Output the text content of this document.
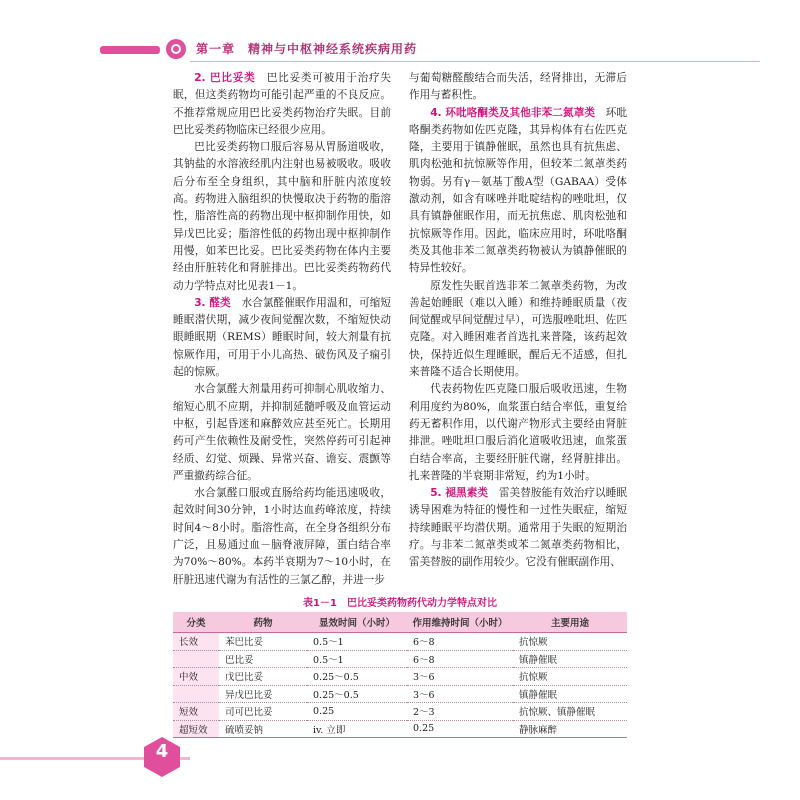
第一章　精神与中枢神经系统疾病用药

2. 巴比妥类　 巴比妥类可被用于治疗失眠，但这类药物均可能引起严重的不良反应。不推荐常规应用巴比妥类药物治疗失眠。目前巴比妥类药物临床已经很少应用。

巴比妥类药物口服后容易从胃肠道吸收，其钠盐的水溶液经肌内注射也易被吸收。吸收后分布至全身组织，其中脑和肝脏内浓度较高。药物进入脑组织的快慢取决于药物的脂溶性，脂溶性高的药物出现中枢抑制作用快，如异戊巴比妥；脂溶性低的药物出现中枢抑制作用慢，如苯巴比妥。巴比妥类药物在体内主要经由肝脏转化和肾脏排出。巴比妥类药物药代动力学特点对比见表1－1。

3. 醛类　 水合氯醛催眠作用温和，可缩短睡眠潜伏期，减少夜间觉醒次数，不缩短快动眼睡眠期（REMS）睡眠时间，较大剂量有抗惊厥作用，可用于小儿高热、破伤风及子痫引起的惊厥。

水合氯醛大剂量用药可抑制心肌收缩力、缩短心肌不应期，并抑制延髓呼吸及血管运动中枢，引起昏迷和麻醉效应甚至死亡。长期用药可产生依赖性及耐受性，突然停药可引起神经质、幻觉、烦躁、异常兴奋、谵妄、震颤等严重撤药综合征。

水合氯醛口服或直肠给药均能迅速吸收，起效时间30分钟，1小时达血药峰浓度，持续时间4～8小时。脂溶性高，在全身各组织分布广泛，且易通过血－脑脊液屏障，蛋白结合率为70%～80%。本药半衰期为7～10小时，在肝脏迅速代谢为有活性的三氯乙醇，并进一步

与葡萄糖醛酸结合而失活，经肾排出，无滞后作用与蓄积性。

4. 环吡咯酮类及其他非苯二氮䓬类　 环吡咯酮类药物如佐匹克隆，其异构体有右佐匹克隆，主要用于镇静催眠，虽然也具有抗焦虑、肌肉松弛和抗惊厥等作用，但较苯二氮䓬类药物弱。另有γ－氨基丁酸A型（GABAA）受体激动剂，如含有咪唑并吡啶结构的唑吡坦，仅具有镇静催眠作用，而无抗焦虑、肌肉松弛和抗惊厥等作用。因此，临床应用时，环吡咯酮类及其他非苯二氮䓬类药物被认为镇静催眠的特异性较好。

原发性失眠首选非苯二氮䓬类药物，为改善起始睡眠（难以入睡）和维持睡眠质量（夜间觉醒或早间觉醒过早），可选服唑吡坦、佐匹克隆。对入睡困难者首选扎来普隆，该药起效快，保持近似生理睡眠，醒后无不适感，但扎来普隆不适合长期使用。

代表药物佐匹克隆口服后吸收迅速，生物利用度约为80%，血浆蛋白结合率低，重复给药无蓄积作用，以代谢产物形式主要经由肾脏排泄。唑吡坦口服后消化道吸收迅速，血浆蛋白结合率高，主要经肝脏代谢，经肾脏排出。扎来普隆的半衰期非常短，约为1小时。

5. 褪黑素类　 雷美替胺能有效治疗以睡眠诱导困难为特征的慢性和一过性失眠症，缩短持续睡眠平均潜伏期。通常用于失眠的短期治疗。与非苯二氮䓬类或苯二氮䓬类药物相比，雷美替胺的副作用较少。它没有催眠副作用、

表1－1　巴比妥类药物药代动力学特点对比
分类	药物	显效时间（小时）	作用维持时间（小时）	主要用途
长效	苯巴比妥	0.5～1	6～8	抗惊厥
	巴比妥	0.5～1	6～8	镇静催眠
中效	戊巴比妥	0.25～0.5	3～6	抗惊厥
	异戊巴比妥	0.25～0.5	3～6	镇静催眠
短效	司可巴比妥	0.25	2～3	抗惊厥、镇静催眠
超短效	硫喷妥钠	iv. 立即	0.25	静脉麻醉
4
